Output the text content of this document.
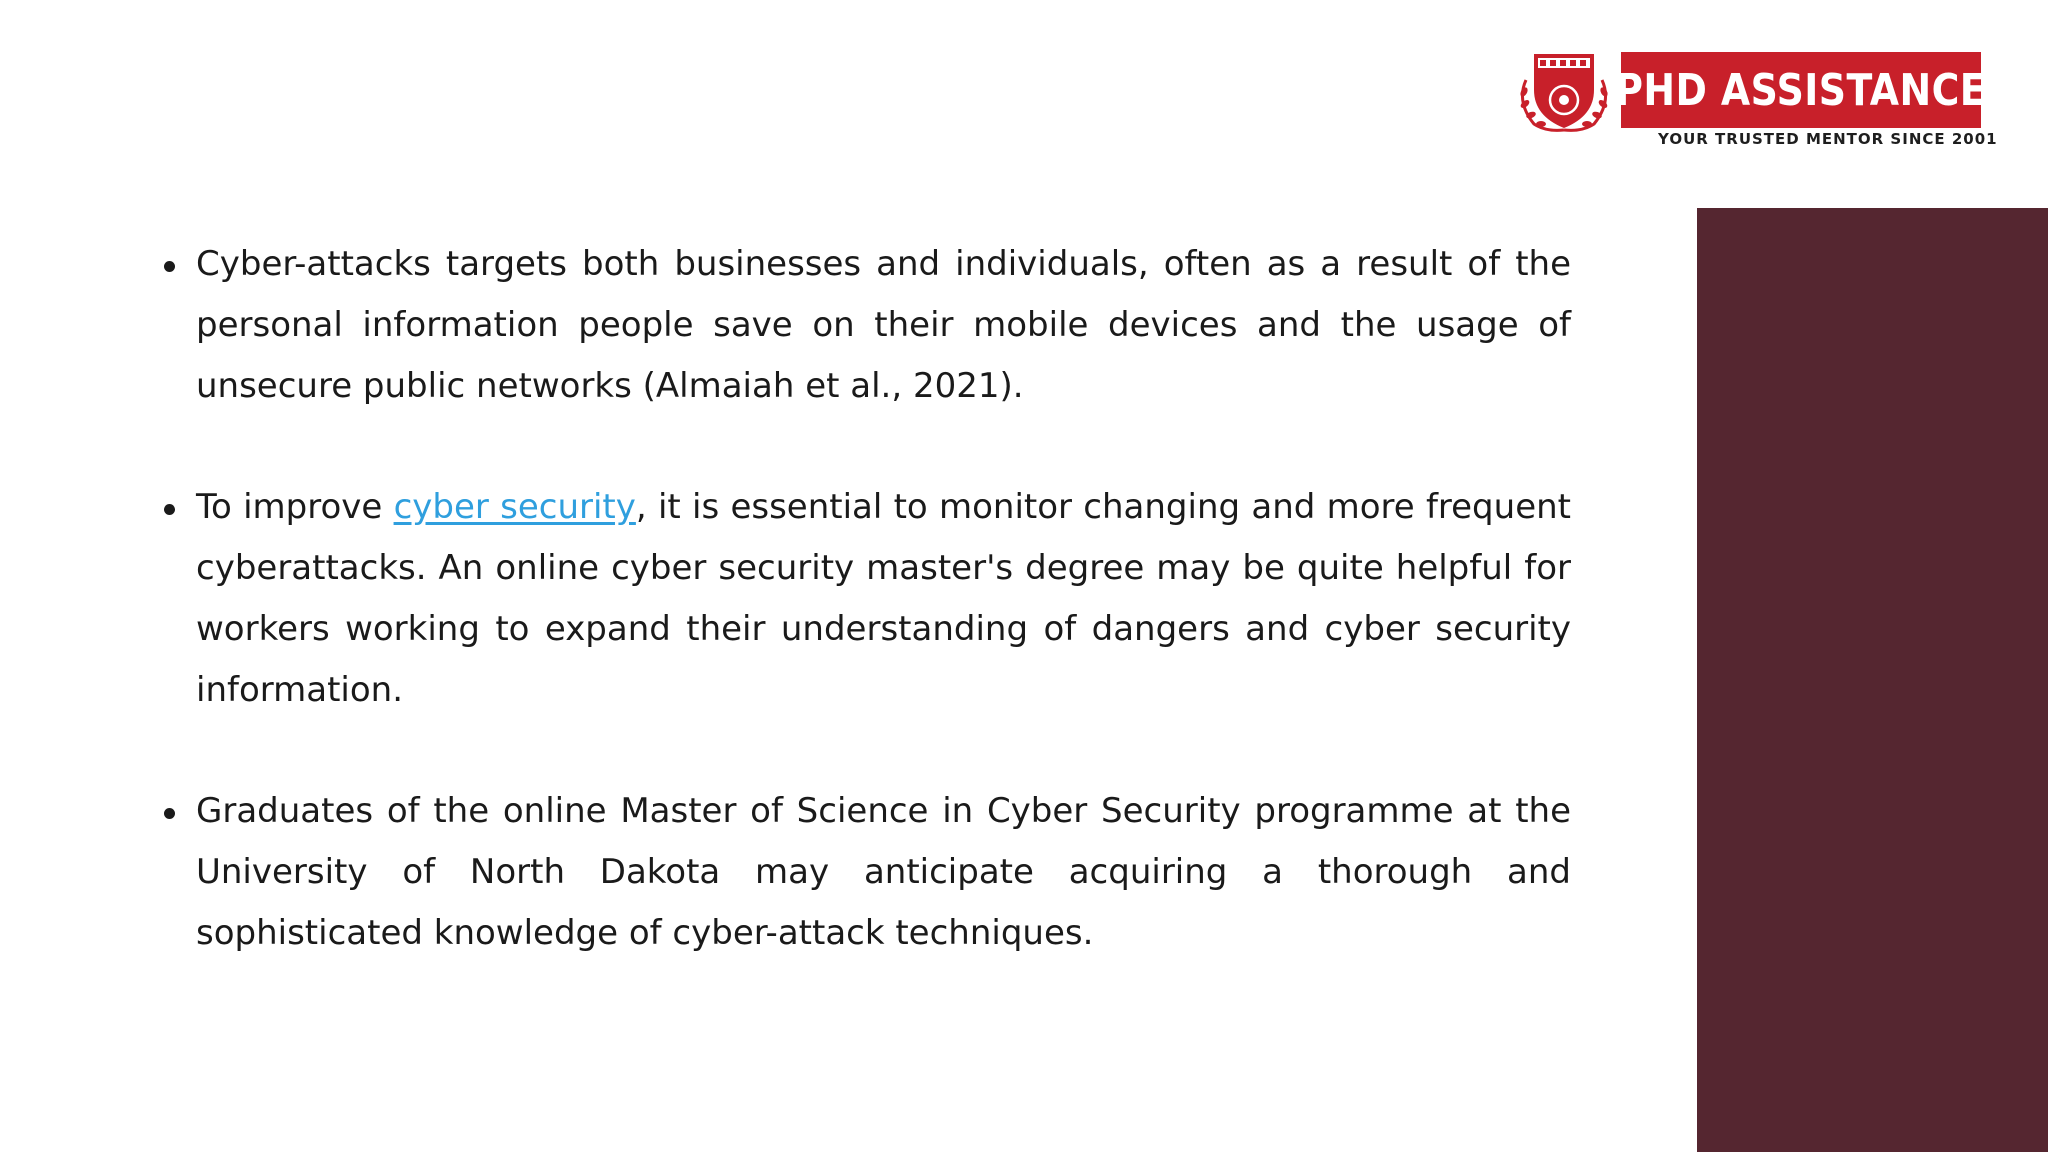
PHD ASSISTANCE
YOUR TRUSTED MENTOR SINCE 2001
Cyber-attacks targets both businesses and individuals, often as a result of the personal information people save on their mobile devices and the usage of unsecure public networks (Almaiah et al., 2021).
To improve cyber security, it is essential to monitor changing and more frequent cyberattacks. An online cyber security master's degree may be quite helpful for workers working to expand their understanding of dangers and cyber security information.
Graduates of the online Master of Science in Cyber Security programme at the University of North Dakota may anticipate acquiring a thorough and sophisticated knowledge of cyber-attack techniques.
